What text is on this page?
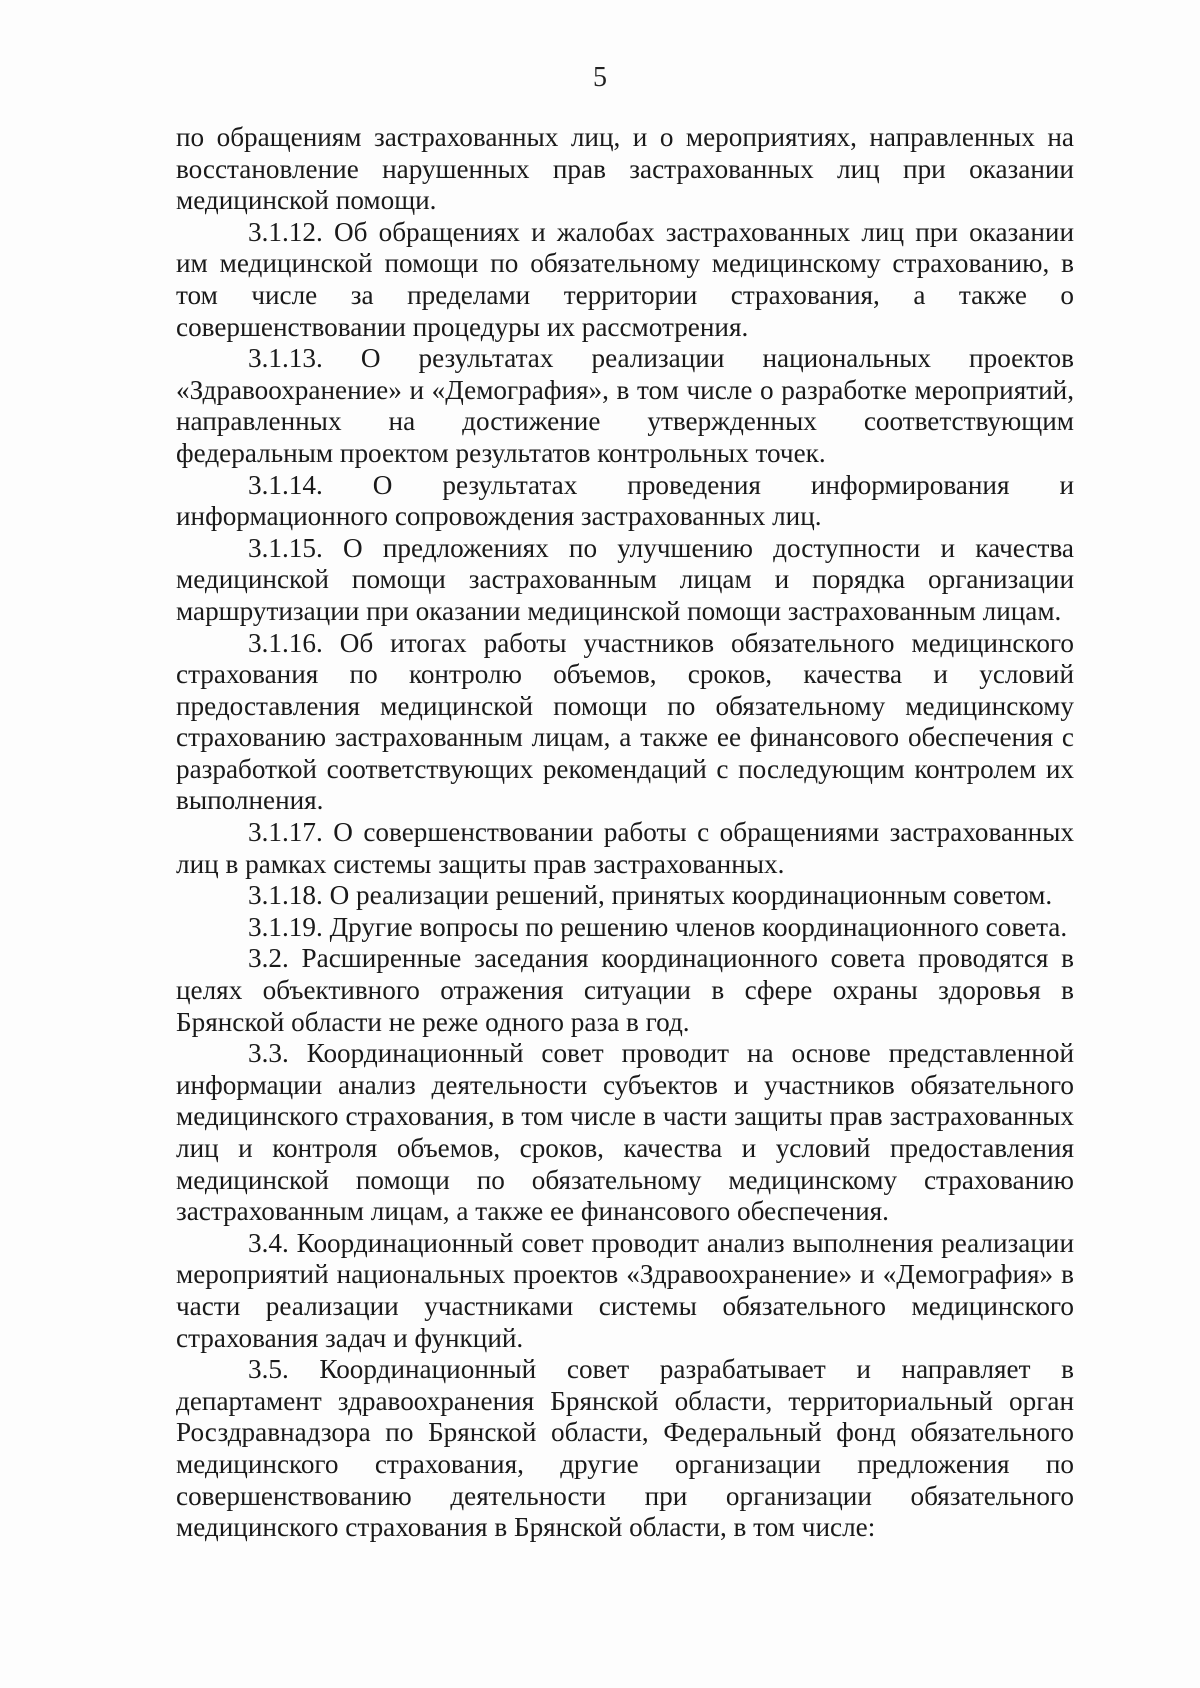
5

по обращениям застрахованных лиц, и о мероприятиях, направленных на восстановление нарушенных прав застрахованных лиц при оказании медицинской помощи.

3.1.12. Об обращениях и жалобах застрахованных лиц при оказании им медицинской помощи по обязательному медицинскому страхованию, в том числе за пределами территории страхования, а также о совершенствовании процедуры их рассмотрения.

3.1.13. О результатах реализации национальных проектов «Здравоохранение» и «Демография», в том числе о разработке мероприятий, направленных на достижение утвержденных соответствующим федеральным проектом результатов контрольных точек.

3.1.14. О результатах проведения информирования и информационного сопровождения застрахованных лиц.

3.1.15. О предложениях по улучшению доступности и качества медицинской помощи застрахованным лицам и порядка организации маршрутизации при оказании медицинской помощи застрахованным лицам.

3.1.16. Об итогах работы участников обязательного медицинского страхования по контролю объемов, сроков, качества и условий предоставления медицинской помощи по обязательному медицинскому страхованию застрахованным лицам, а также ее финансового обеспечения с разработкой соответствующих рекомендаций с последующим контролем их выполнения.

3.1.17. О совершенствовании работы с обращениями застрахованных лиц в рамках системы защиты прав застрахованных.

3.1.18. О реализации решений, принятых координационным советом.

3.1.19. Другие вопросы по решению членов координационного совета.

3.2. Расширенные заседания координационного совета проводятся в целях объективного отражения ситуации в сфере охраны здоровья в Брянской области не реже одного раза в год.

3.3. Координационный совет проводит на основе представленной информации анализ деятельности субъектов и участников обязательного медицинского страхования, в том числе в части защиты прав застрахованных лиц и контроля объемов, сроков, качества и условий предоставления медицинской помощи по обязательному медицинскому страхованию застрахованным лицам, а также ее финансового обеспечения.

3.4. Координационный совет проводит анализ выполнения реализации мероприятий национальных проектов «Здравоохранение» и «Демография» в части реализации участниками системы обязательного медицинского страхования задач и функций.

3.5. Координационный совет разрабатывает и направляет в департамент здравоохранения Брянской области, территориальный орган Росздравнадзора по Брянской области, Федеральный фонд обязательного медицинского страхования, другие организации предложения по совершенствованию деятельности при организации обязательного медицинского страхования в Брянской области, в том числе:
